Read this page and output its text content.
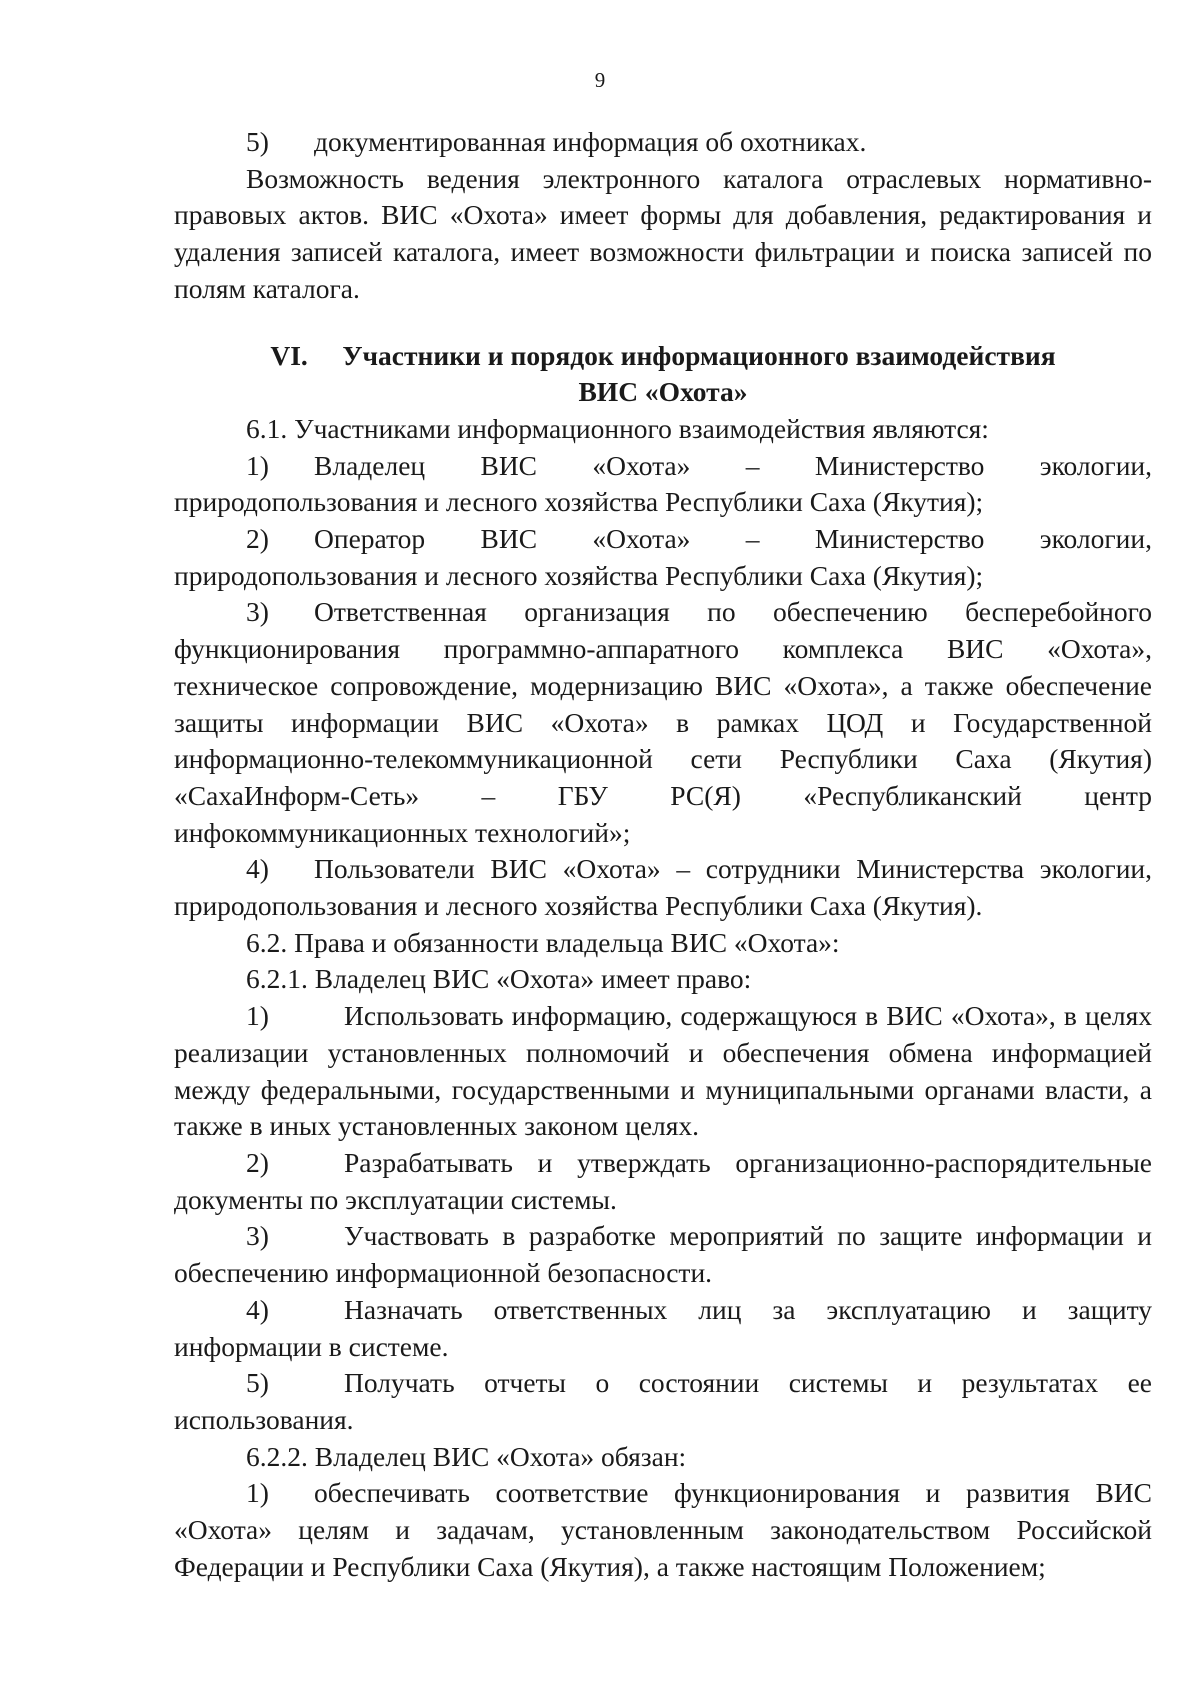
9

5) документированная информация об охотниках.

Возможность ведения электронного каталога отраслевых нормативно-правовых актов. ВИС «Охота» имеет формы для добавления, редактирования и удаления записей каталога, имеет возможности фильтрации и поиска записей по полям каталога.

VI. Участники и порядок информационного взаимодействия
ВИС «Охота»

6.1. Участниками информационного взаимодействия являются:

1) Владелец ВИС «Охота» – Министерство экологии, природопользования и лесного хозяйства Республики Саха (Якутия);

2) Оператор ВИС «Охота» – Министерство экологии, природопользования и лесного хозяйства Республики Саха (Якутия);

3) Ответственная организация по обеспечению бесперебойного функционирования программно-аппаратного комплекса ВИС «Охота», техническое сопровождение, модернизацию ВИС «Охота», а также обеспечение защиты информации ВИС «Охота» в рамках ЦОД и Государственной информационно-телекоммуникационной сети Республики Саха (Якутия) «СахаИнформ-Сеть» – ГБУ РС(Я) «Республиканский центр инфокоммуникационных технологий»;

4) Пользователи ВИС «Охота» – сотрудники Министерства экологии, природопользования и лесного хозяйства Республики Саха (Якутия).

6.2. Права и обязанности владельца ВИС «Охота»:

6.2.1. Владелец ВИС «Охота» имеет право:

1)	Использовать информацию, содержащуюся в ВИС «Охота», в целях реализации установленных полномочий и обеспечения обмена информацией между федеральными, государственными и муниципальными органами власти, а также в иных установленных законом целях.

2)	Разрабатывать и утверждать организационно-распорядительные документы по эксплуатации системы.

3)	Участвовать в разработке мероприятий по защите информации и обеспечению информационной безопасности.

4)	Назначать ответственных лиц за эксплуатацию и защиту информации в системе.

5)	Получать отчеты о состоянии системы и результатах ее использования.

6.2.2. Владелец ВИС «Охота» обязан:

1) обеспечивать соответствие функционирования и развития ВИС «Охота» целям и задачам, установленным законодательством Российской Федерации и Республики Саха (Якутия), а также настоящим Положением;
